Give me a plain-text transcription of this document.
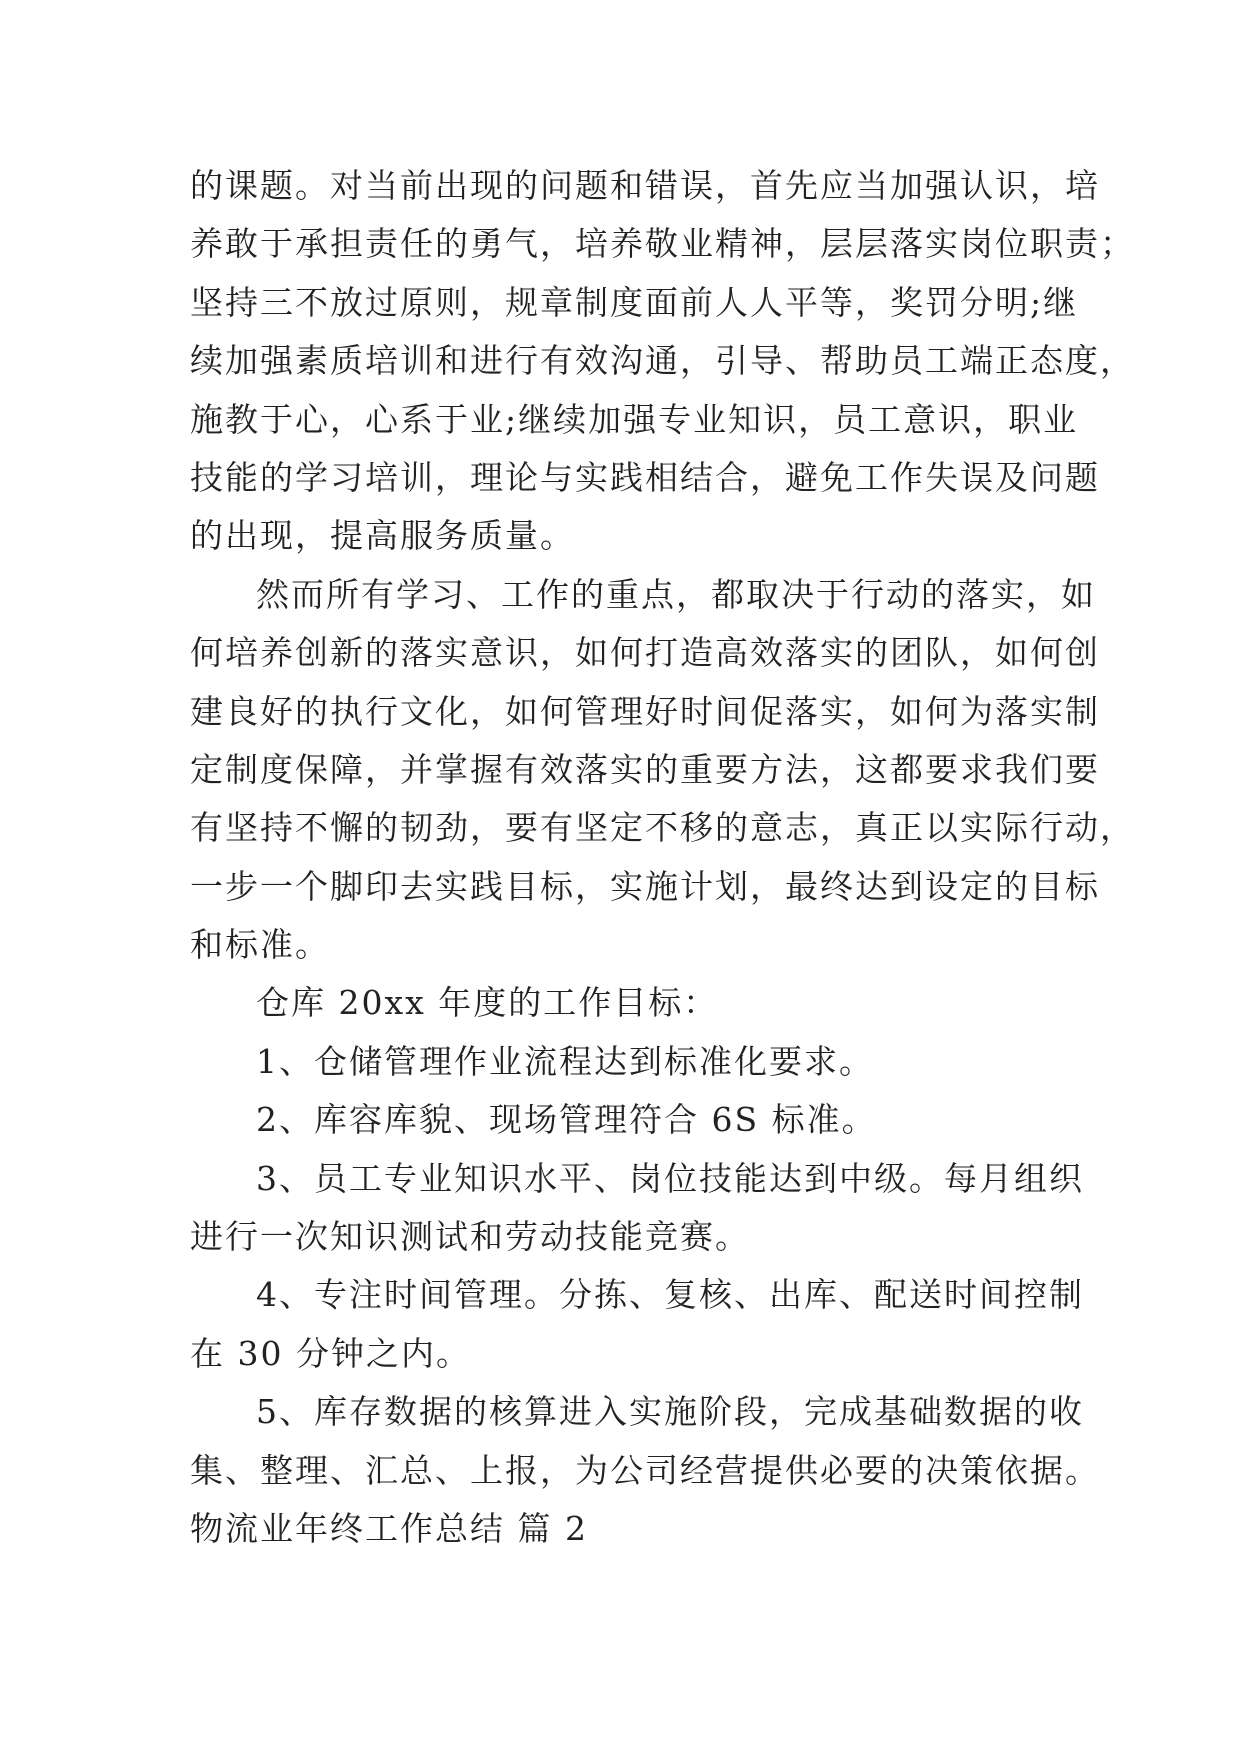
的课题。对当前出现的问题和错误，首先应当加强认识，培

养敢于承担责任的勇气，培养敬业精神，层层落实岗位职责；

坚持三不放过原则，规章制度面前人人平等，奖罚分明;继

续加强素质培训和进行有效沟通，引导、帮助员工端正态度，

施教于心，心系于业;继续加强专业知识，员工意识，职业

技能的学习培训，理论与实践相结合，避免工作失误及问题

的出现，提高服务质量。

然而所有学习、工作的重点，都取决于行动的落实，如

何培养创新的落实意识，如何打造高效落实的团队，如何创

建良好的执行文化，如何管理好时间促落实，如何为落实制

定制度保障，并掌握有效落实的重要方法，这都要求我们要

有坚持不懈的韧劲，要有坚定不移的意志，真正以实际行动，

一步一个脚印去实践目标，实施计划，最终达到设定的目标

和标准。

仓库 20xx 年度的工作目标：

1、仓储管理作业流程达到标准化要求。

2、库容库貌、现场管理符合 6S 标准。

3、员工专业知识水平、岗位技能达到中级。每月组织

进行一次知识测试和劳动技能竞赛。

4、专注时间管理。分拣、复核、出库、配送时间控制

在 30 分钟之内。

5、库存数据的核算进入实施阶段，完成基础数据的收

集、整理、汇总、上报，为公司经营提供必要的决策依据。

物流业年终工作总结 篇 2
